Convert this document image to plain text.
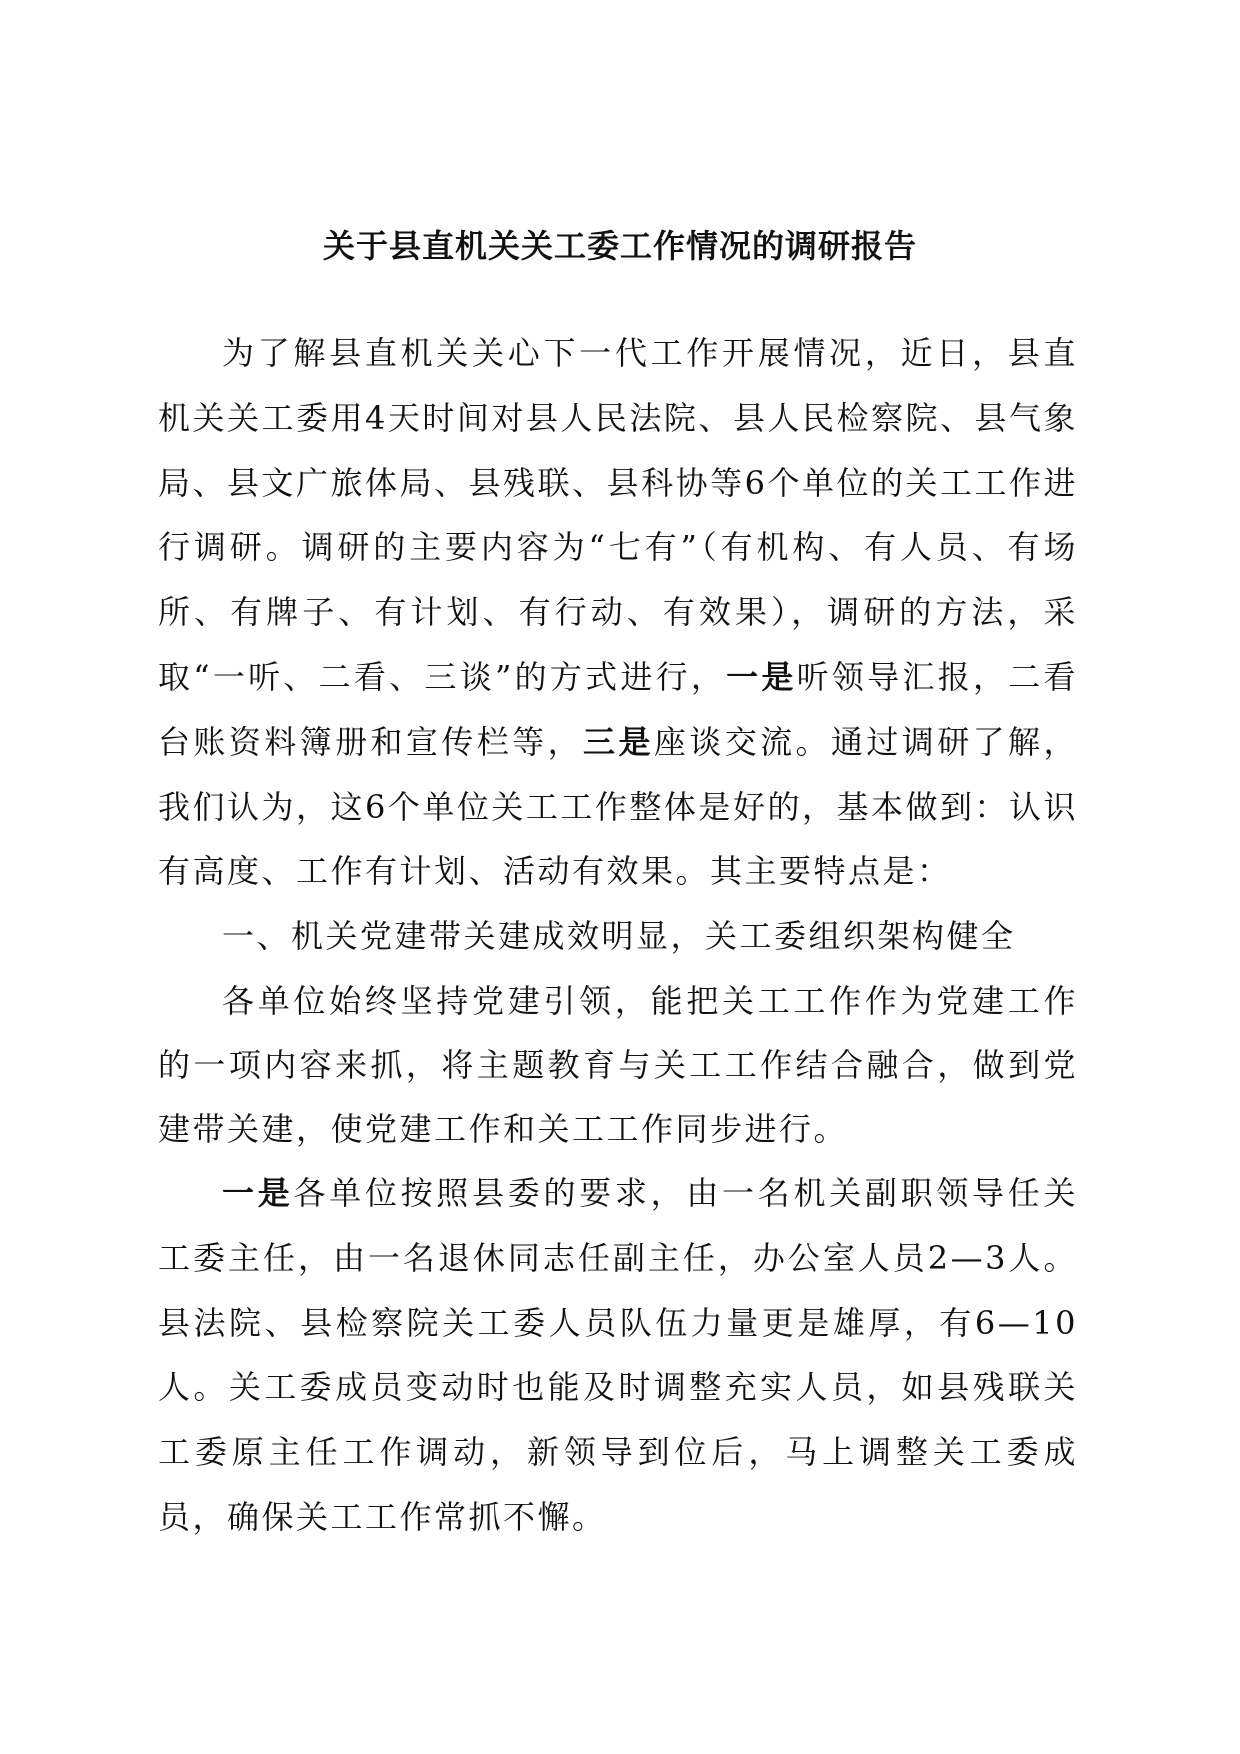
关于县直机关关工委工作情况的调研报告

为了解县直机关关心下一代工作开展情况，近日，县直机关关工委用4天时间对县人民法院、县人民检察院、县气象局、县文广旅体局、县残联、县科协等6个单位的关工工作进行调研。调研的主要内容为“七有”（有机构、有人员、有场所、有牌子、有计划、有行动、有效果），调研的方法，采取“一听、二看、三谈”的方式进行，一是听领导汇报，二看台账资料簿册和宣传栏等，三是座谈交流。通过调研了解，我们认为，这6个单位关工工作整体是好的，基本做到：认识有高度、工作有计划、活动有效果。其主要特点是：

一、机关党建带关建成效明显，关工委组织架构健全

各单位始终坚持党建引领，能把关工工作作为党建工作的一项内容来抓，将主题教育与关工工作结合融合，做到党建带关建，使党建工作和关工工作同步进行。

一是各单位按照县委的要求，由一名机关副职领导任关工委主任，由一名退休同志任副主任，办公室人员2—3人。县法院、县检察院关工委人员队伍力量更是雄厚，有6—10人。关工委成员变动时也能及时调整充实人员，如县残联关工委原主任工作调动，新领导到位后，马上调整关工委成员，确保关工工作常抓不懈。
